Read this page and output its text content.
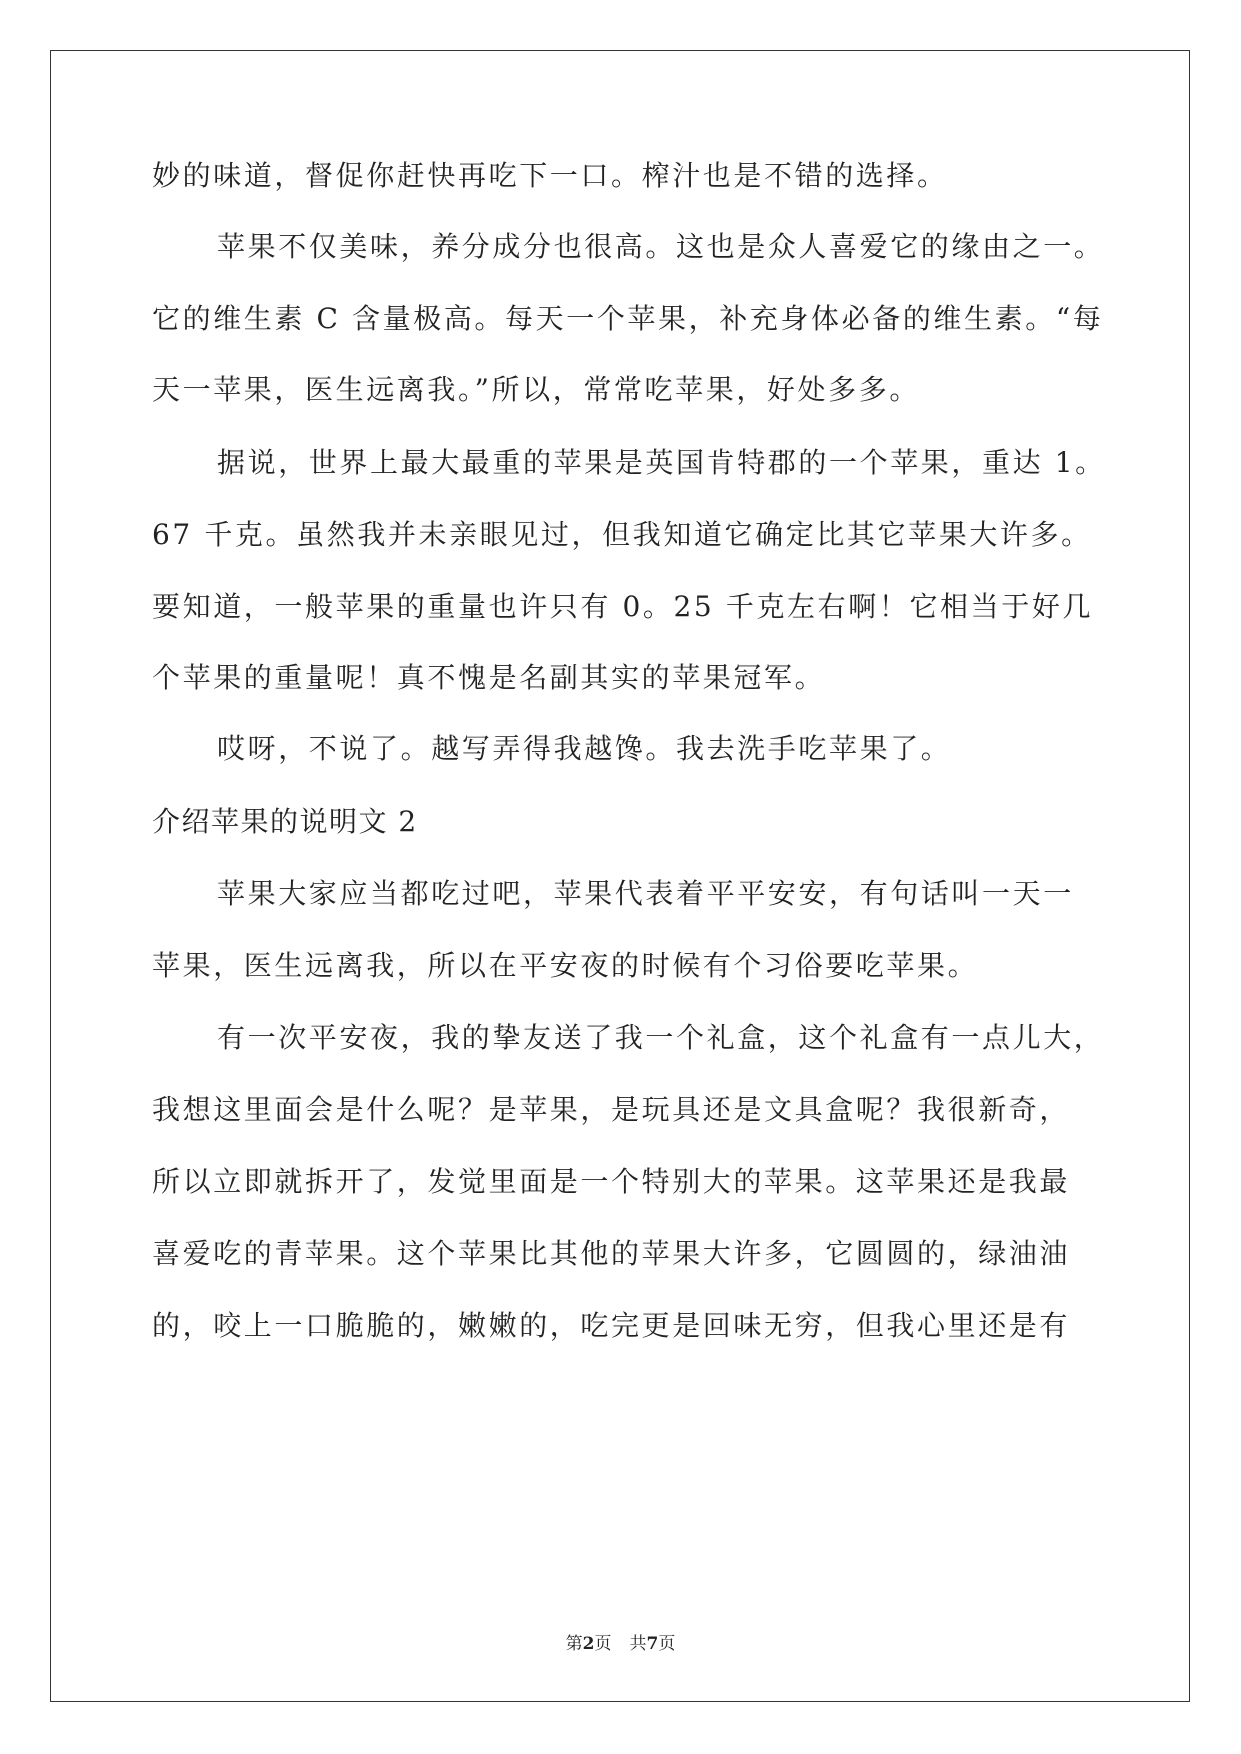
妙的味道，督促你赶快再吃下一口。榨汁也是不错的选择。
苹果不仅美味，养分成分也很高。这也是众人喜爱它的缘由之一。
它的维生素 C 含量极高。每天一个苹果，补充身体必备的维生素。“每
天一苹果，医生远离我。”所以，常常吃苹果，好处多多。
据说，世界上最大最重的苹果是英国肯特郡的一个苹果，重达 1。
67 千克。虽然我并未亲眼见过，但我知道它确定比其它苹果大许多。
要知道，一般苹果的重量也许只有 0。25 千克左右啊！它相当于好几
个苹果的重量呢！真不愧是名副其实的苹果冠军。
哎呀，不说了。越写弄得我越馋。我去洗手吃苹果了。
介绍苹果的说明文 2
苹果大家应当都吃过吧，苹果代表着平平安安，有句话叫一天一
苹果，医生远离我，所以在平安夜的时候有个习俗要吃苹果。
有一次平安夜，我的挚友送了我一个礼盒，这个礼盒有一点儿大，
我想这里面会是什么呢？是苹果，是玩具还是文具盒呢？我很新奇，
所以立即就拆开了，发觉里面是一个特别大的苹果。这苹果还是我最
喜爱吃的青苹果。这个苹果比其他的苹果大许多，它圆圆的，绿油油
的，咬上一口脆脆的，嫩嫩的，吃完更是回味无穷，但我心里还是有
第2页 共7页
